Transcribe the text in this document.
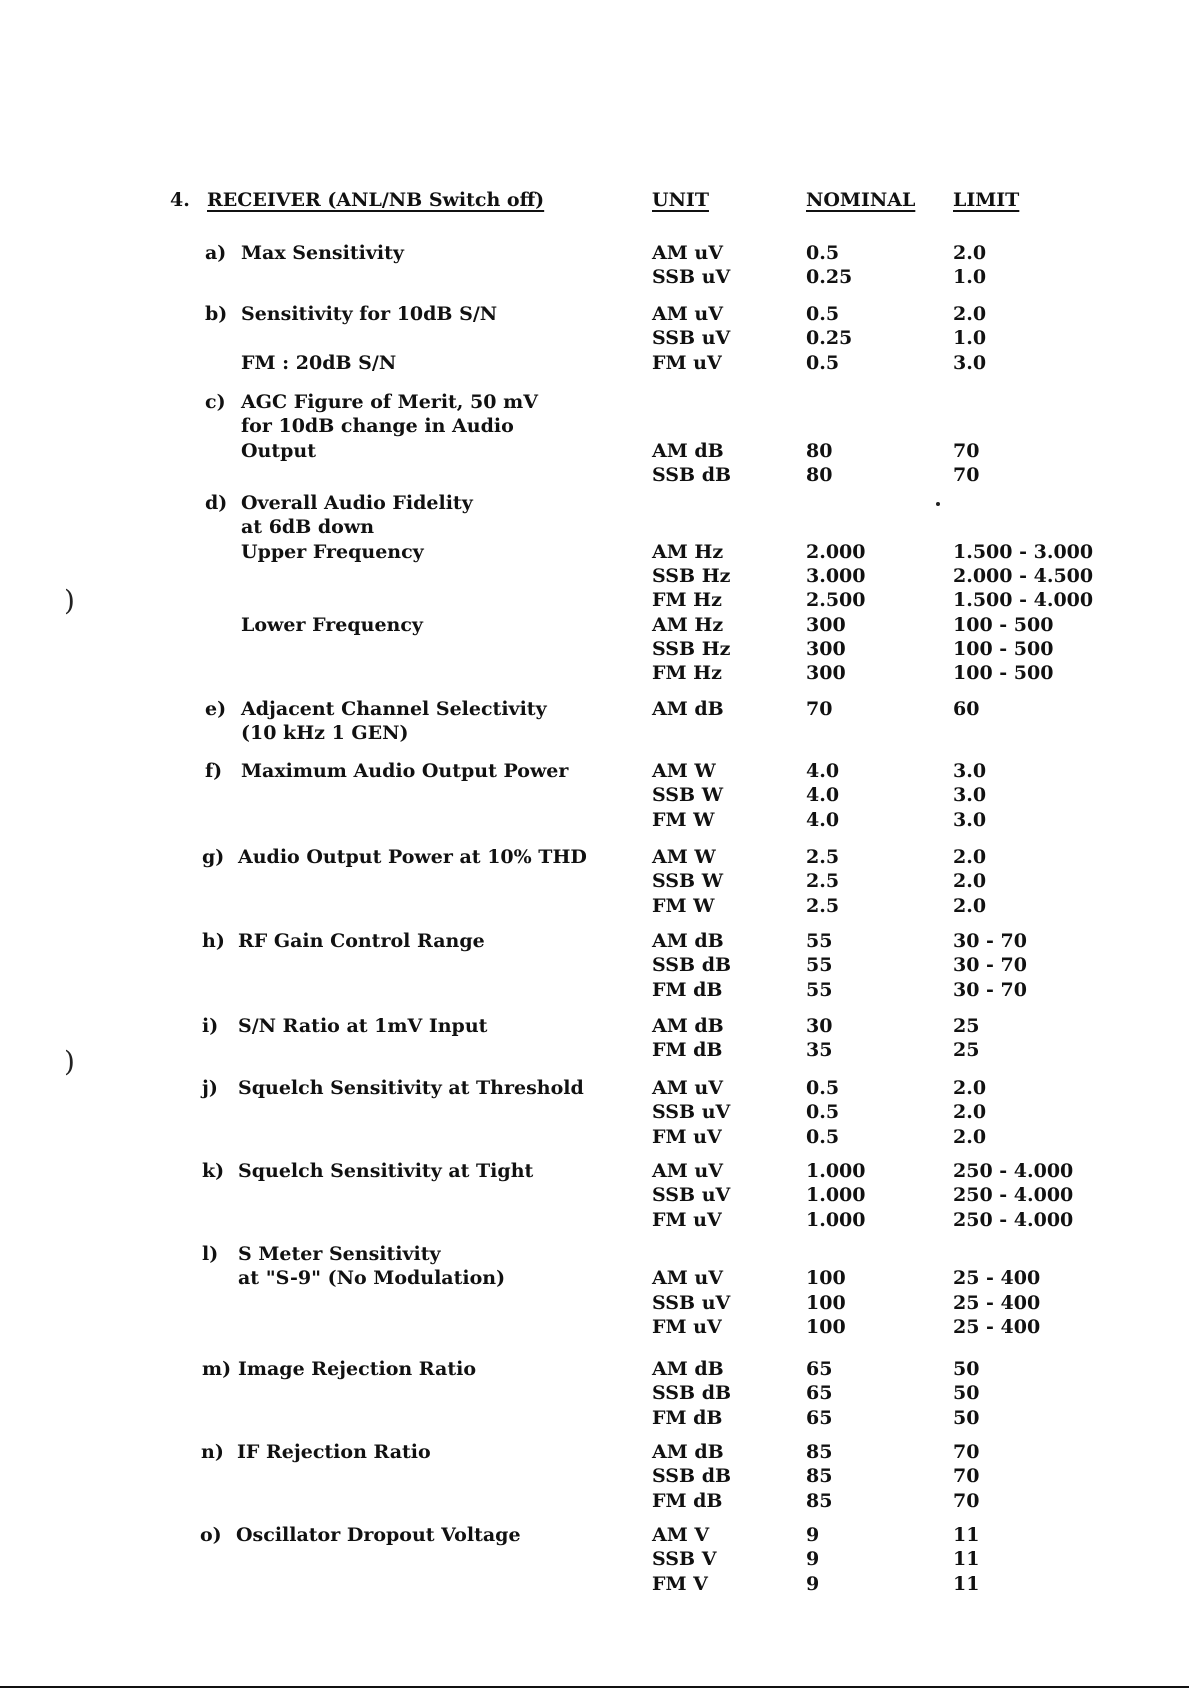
4. RECEIVER (ANL/NB Switch off)	UNIT	NOMINAL LIMIT
a) Max Sensitivity	AM uV	0.5	2.0
SSB uV	0.25	1.0
b) Sensitivity for 10dB S/N	AM uV	0.5	2.0
SSB uV	0.25	1.0
FM : 20dB S/N	FM uV	0.5	3.0
c) AGC Figure of Merit, 50 mV
for 10dB change in Audio
Output	AM dB	80	70
SSB dB	80	70
d) Overall Audio Fidelity
at 6dB down
Upper Frequency	AM Hz	2.000	1.500 - 3.000
SSB Hz	3.000	2.000 - 4.500
FM Hz	2.500	1.500 - 4.000
Lower Frequency	AM Hz	300	100 - 500
SSB Hz	300	100 - 500
FM Hz	300	100 - 500
e) Adjacent Channel Selectivity
(10 kHz 1 GEN)
AM dB	70	60
f) Maximum Audio Output Power	AM W	4.0	3.0
SSB W	4.0	3.0
FM W	4.0	3.0
g) Audio Output Power at 10% THD	AM W	2.5	2.0
SSB W	2.5	2.0
FM W	2.5	2.0
h) RF Gain Control Range	AM dB	55	30 - 70
SSB dB	55	30 - 70
FM dB	55	30 - 70
i) S/N Ratio at 1mV Input	AM dB	30	25
FM dB	35	25
j) Squelch Sensitivity at Threshold	AM uV	0.5	2.0
SSB uV	0.5	2.0
FM uV	0.5	2.0
k) Squelch Sensitivity at Tight	AM uV	1.000	250 - 4.000
SSB uV	1.000	250 - 4.000
FM uV	1.000	250 - 4.000
l) S Meter Sensitivity
at "S-9" (No Modulation)	AM uV	100	25 - 400
SSB uV	100	25 - 400
FM uV	100	25 - 400
m) Image Rejection Ratio	AM dB	65	50
SSB dB	65	50
FM dB	65	50
n) IF Rejection Ratio	AM dB	85	70
SSB dB	85	70
FM dB	85	70
o) Oscillator Dropout Voltage	AM V	9	11
SSB V	9	11
FM V	9	11
)
)
